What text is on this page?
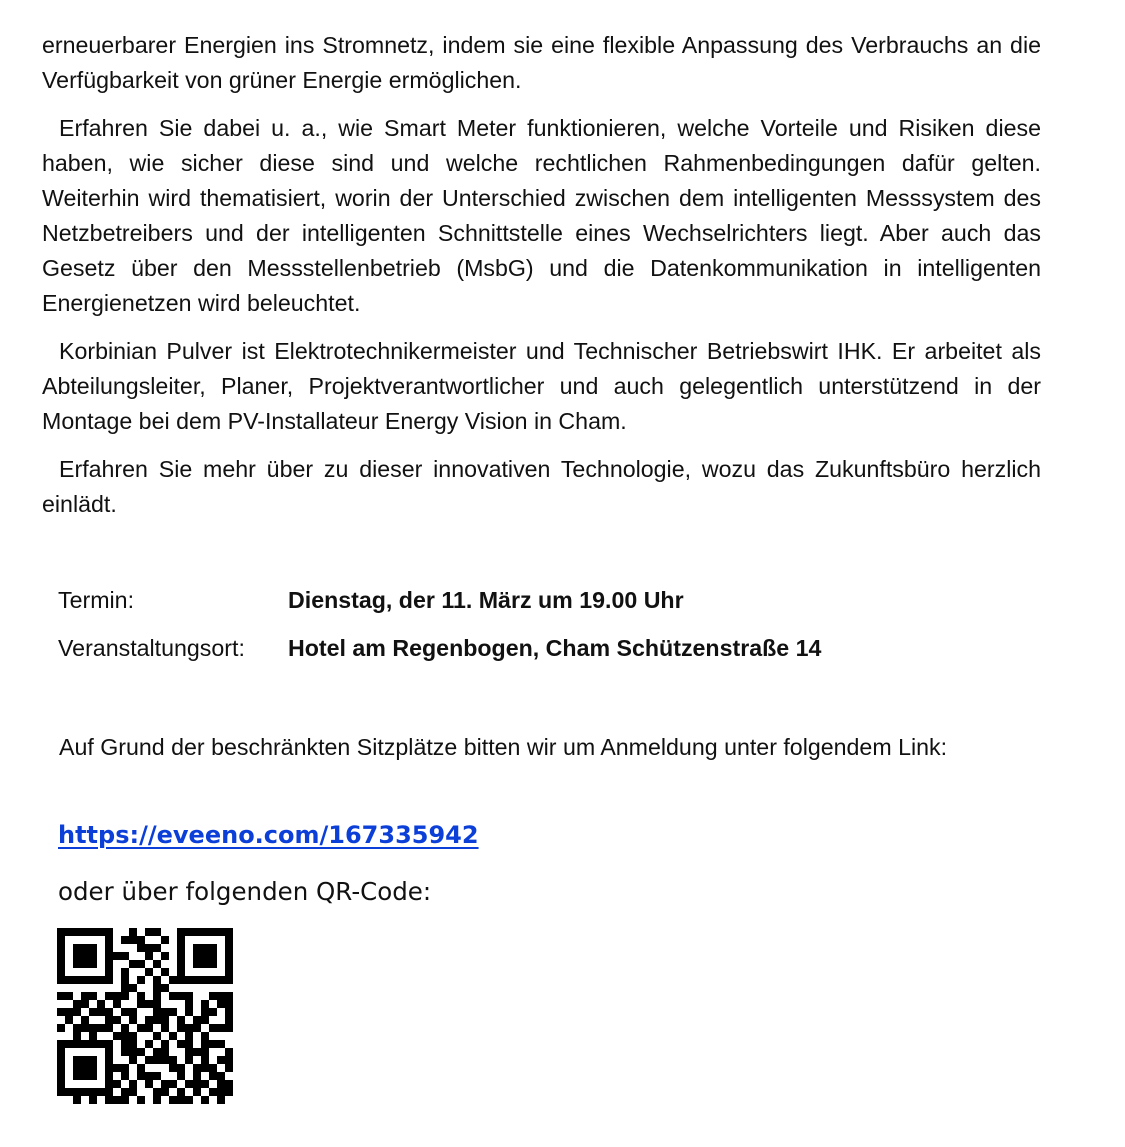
erneuerbarer Energien ins Stromnetz, indem sie eine flexible Anpassung des Verbrauchs an die Verfügbarkeit von grüner Energie ermöglichen.

Erfahren Sie dabei u. a., wie Smart Meter funktionieren, welche Vorteile und Risiken diese haben, wie sicher diese sind und welche rechtlichen Rahmenbedingungen dafür gelten. Weiterhin wird thematisiert, worin der Unterschied zwischen dem intelligenten Messsystem des Netzbetreibers und der intelligenten Schnittstelle eines Wechselrichters liegt. Aber auch das Gesetz über den Messstellenbetrieb (MsbG) und die Datenkommunikation in intelligenten Energienetzen wird beleuchtet.

Korbinian Pulver ist Elektrotechnikermeister und Technischer Betriebswirt IHK. Er arbeitet als Abteilungsleiter, Planer, Projektverantwortlicher und auch gelegentlich unterstützend in der Montage bei dem PV-Installateur Energy Vision in Cham.

Erfahren Sie mehr über zu dieser innovativen Technologie, wozu das Zukunftsbüro herzlich einlädt.

Termin:	Dienstag, der 11. März um 19.00 Uhr
Veranstaltungsort:	Hotel am Regenbogen, Cham Schützenstraße 14

Auf Grund der beschränkten Sitzplätze bitten wir um Anmeldung unter folgendem Link:

https://eveeno.com/167335942
oder über folgenden QR-Code:
